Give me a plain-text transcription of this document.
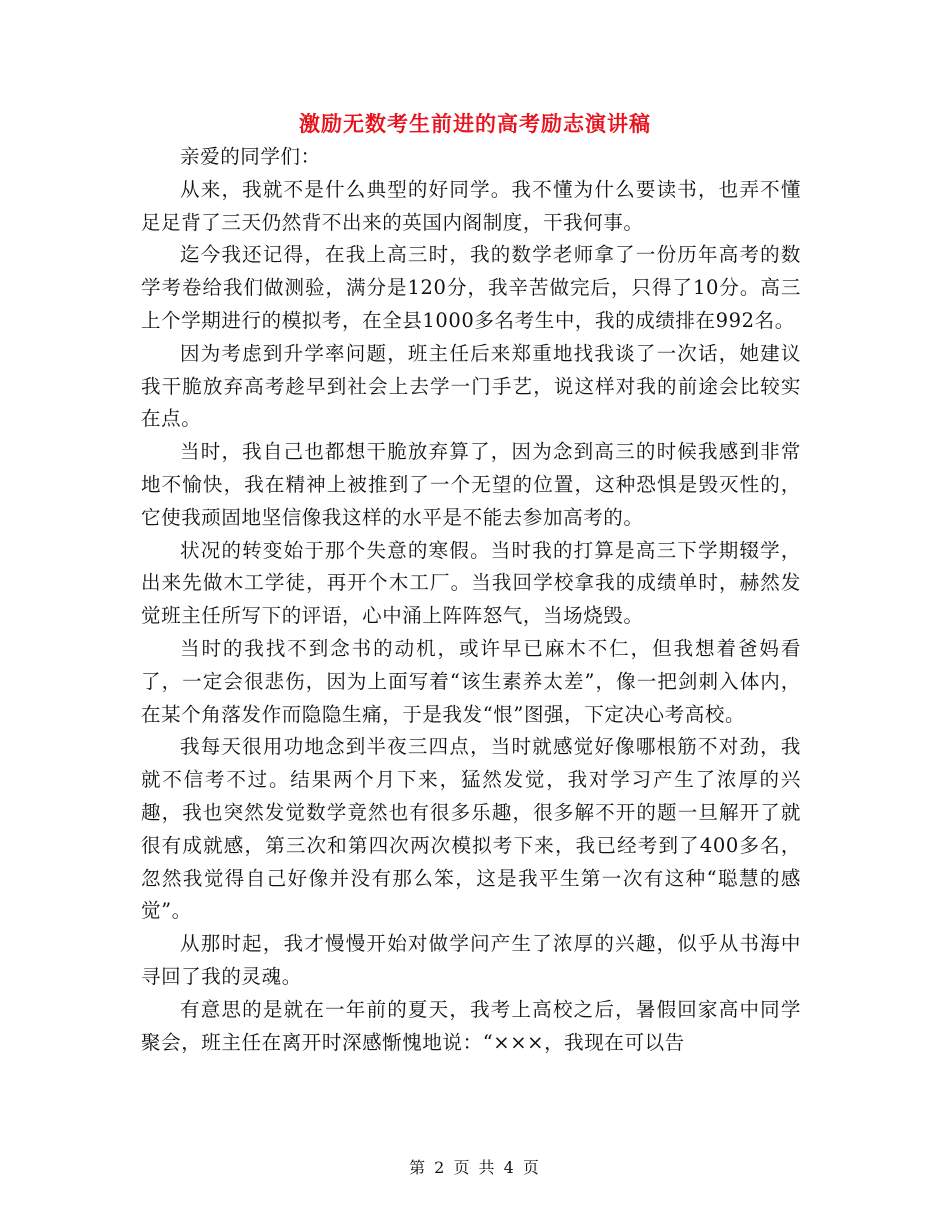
激励无数考生前进的高考励志演讲稿

亲爱的同学们：

从来，我就不是什么典型的好同学。我不懂为什么要读书，也弄不懂足足背了三天仍然背不出来的英国内阁制度，干我何事。

迄今我还记得，在我上高三时，我的数学老师拿了一份历年高考的数学考卷给我们做测验，满分是120分，我辛苦做完后，只得了10分。高三上个学期进行的模拟考，在全县1000多名考生中，我的成绩排在992名。

因为考虑到升学率问题，班主任后来郑重地找我谈了一次话，她建议我干脆放弃高考趁早到社会上去学一门手艺，说这样对我的前途会比较实在点。

当时，我自己也都想干脆放弃算了，因为念到高三的时候我感到非常地不愉快，我在精神上被推到了一个无望的位置，这种恐惧是毁灭性的，它使我顽固地坚信像我这样的水平是不能去参加高考的。

状况的转变始于那个失意的寒假。当时我的打算是高三下学期辍学，出来先做木工学徒，再开个木工厂。当我回学校拿我的成绩单时，赫然发觉班主任所写下的评语，心中涌上阵阵怒气，当场烧毁。

当时的我找不到念书的动机，或许早已麻木不仁，但我想着爸妈看了，一定会很悲伤，因为上面写着“该生素养太差”，像一把剑刺入体内，在某个角落发作而隐隐生痛，于是我发“恨”图强，下定决心考高校。

我每天很用功地念到半夜三四点，当时就感觉好像哪根筋不对劲，我就不信考不过。结果两个月下来，猛然发觉，我对学习产生了浓厚的兴趣，我也突然发觉数学竟然也有很多乐趣，很多解不开的题一旦解开了就很有成就感，第三次和第四次两次模拟考下来，我已经考到了400多名，忽然我觉得自己好像并没有那么笨，这是我平生第一次有这种“聪慧的感觉”。

从那时起，我才慢慢开始对做学问产生了浓厚的兴趣，似乎从书海中寻回了我的灵魂。

有意思的是就在一年前的夏天，我考上高校之后，暑假回家高中同学聚会，班主任在离开时深感惭愧地说：“×××，我现在可以告

第 2 页 共 4 页
